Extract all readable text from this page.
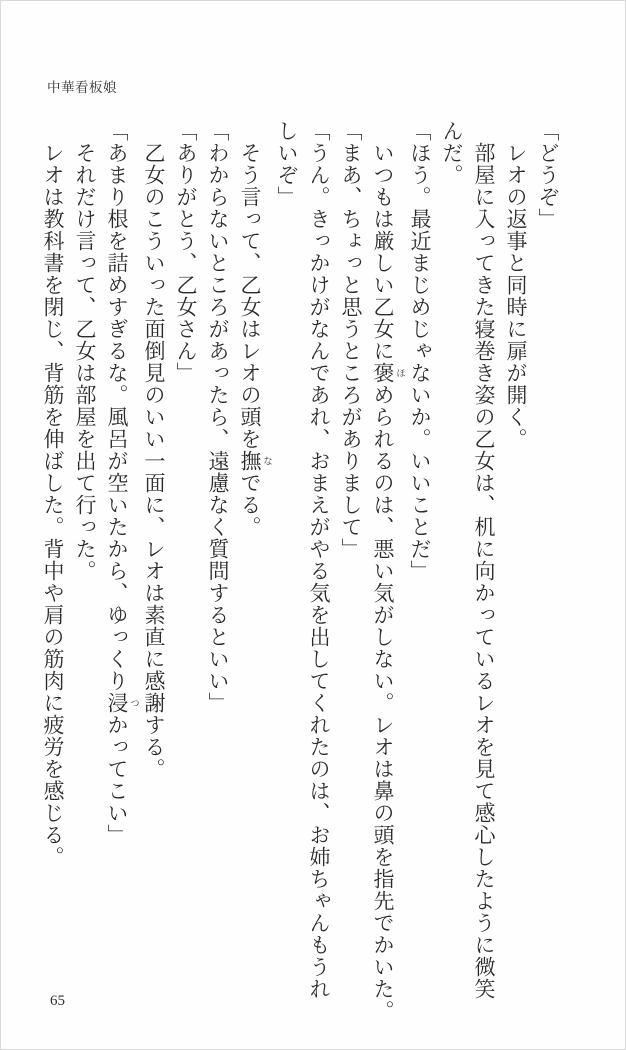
中華看板娘
「どうぞ」
　レオの返事と同時に扉が開く。
　部屋に入ってきた寝巻き姿の乙女は、机に向かっているレオを見て感心したように微笑
んだ。
「ほう。最近まじめじゃないか。いいことだ」
　いつもは厳しい乙女に褒 ほめられるのは、悪い気がしない。レオは鼻の頭を指先でかいた。
「まあ、ちょっと思うところがありまして」
「うん。きっかけがなんであれ、おまえがやる気を出してくれたのは、お姉ちゃんもうれ
しいぞ」
　そう言って、乙女はレオの頭を撫 なでる。
「わからないところがあったら、遠慮なく質問するといい」
「ありがとう、乙女さん」
　乙女のこういった面倒見のいい一面に、レオは素直に感謝する。
「あまり根を詰めすぎるな。風呂が空いたから、ゆっくり浸 つかってこい」
　それだけ言って、乙女は部屋を出て行った。
　レオは教科書を閉じ、背筋を伸ばした。背中や肩の筋肉に疲労を感じる。
65
